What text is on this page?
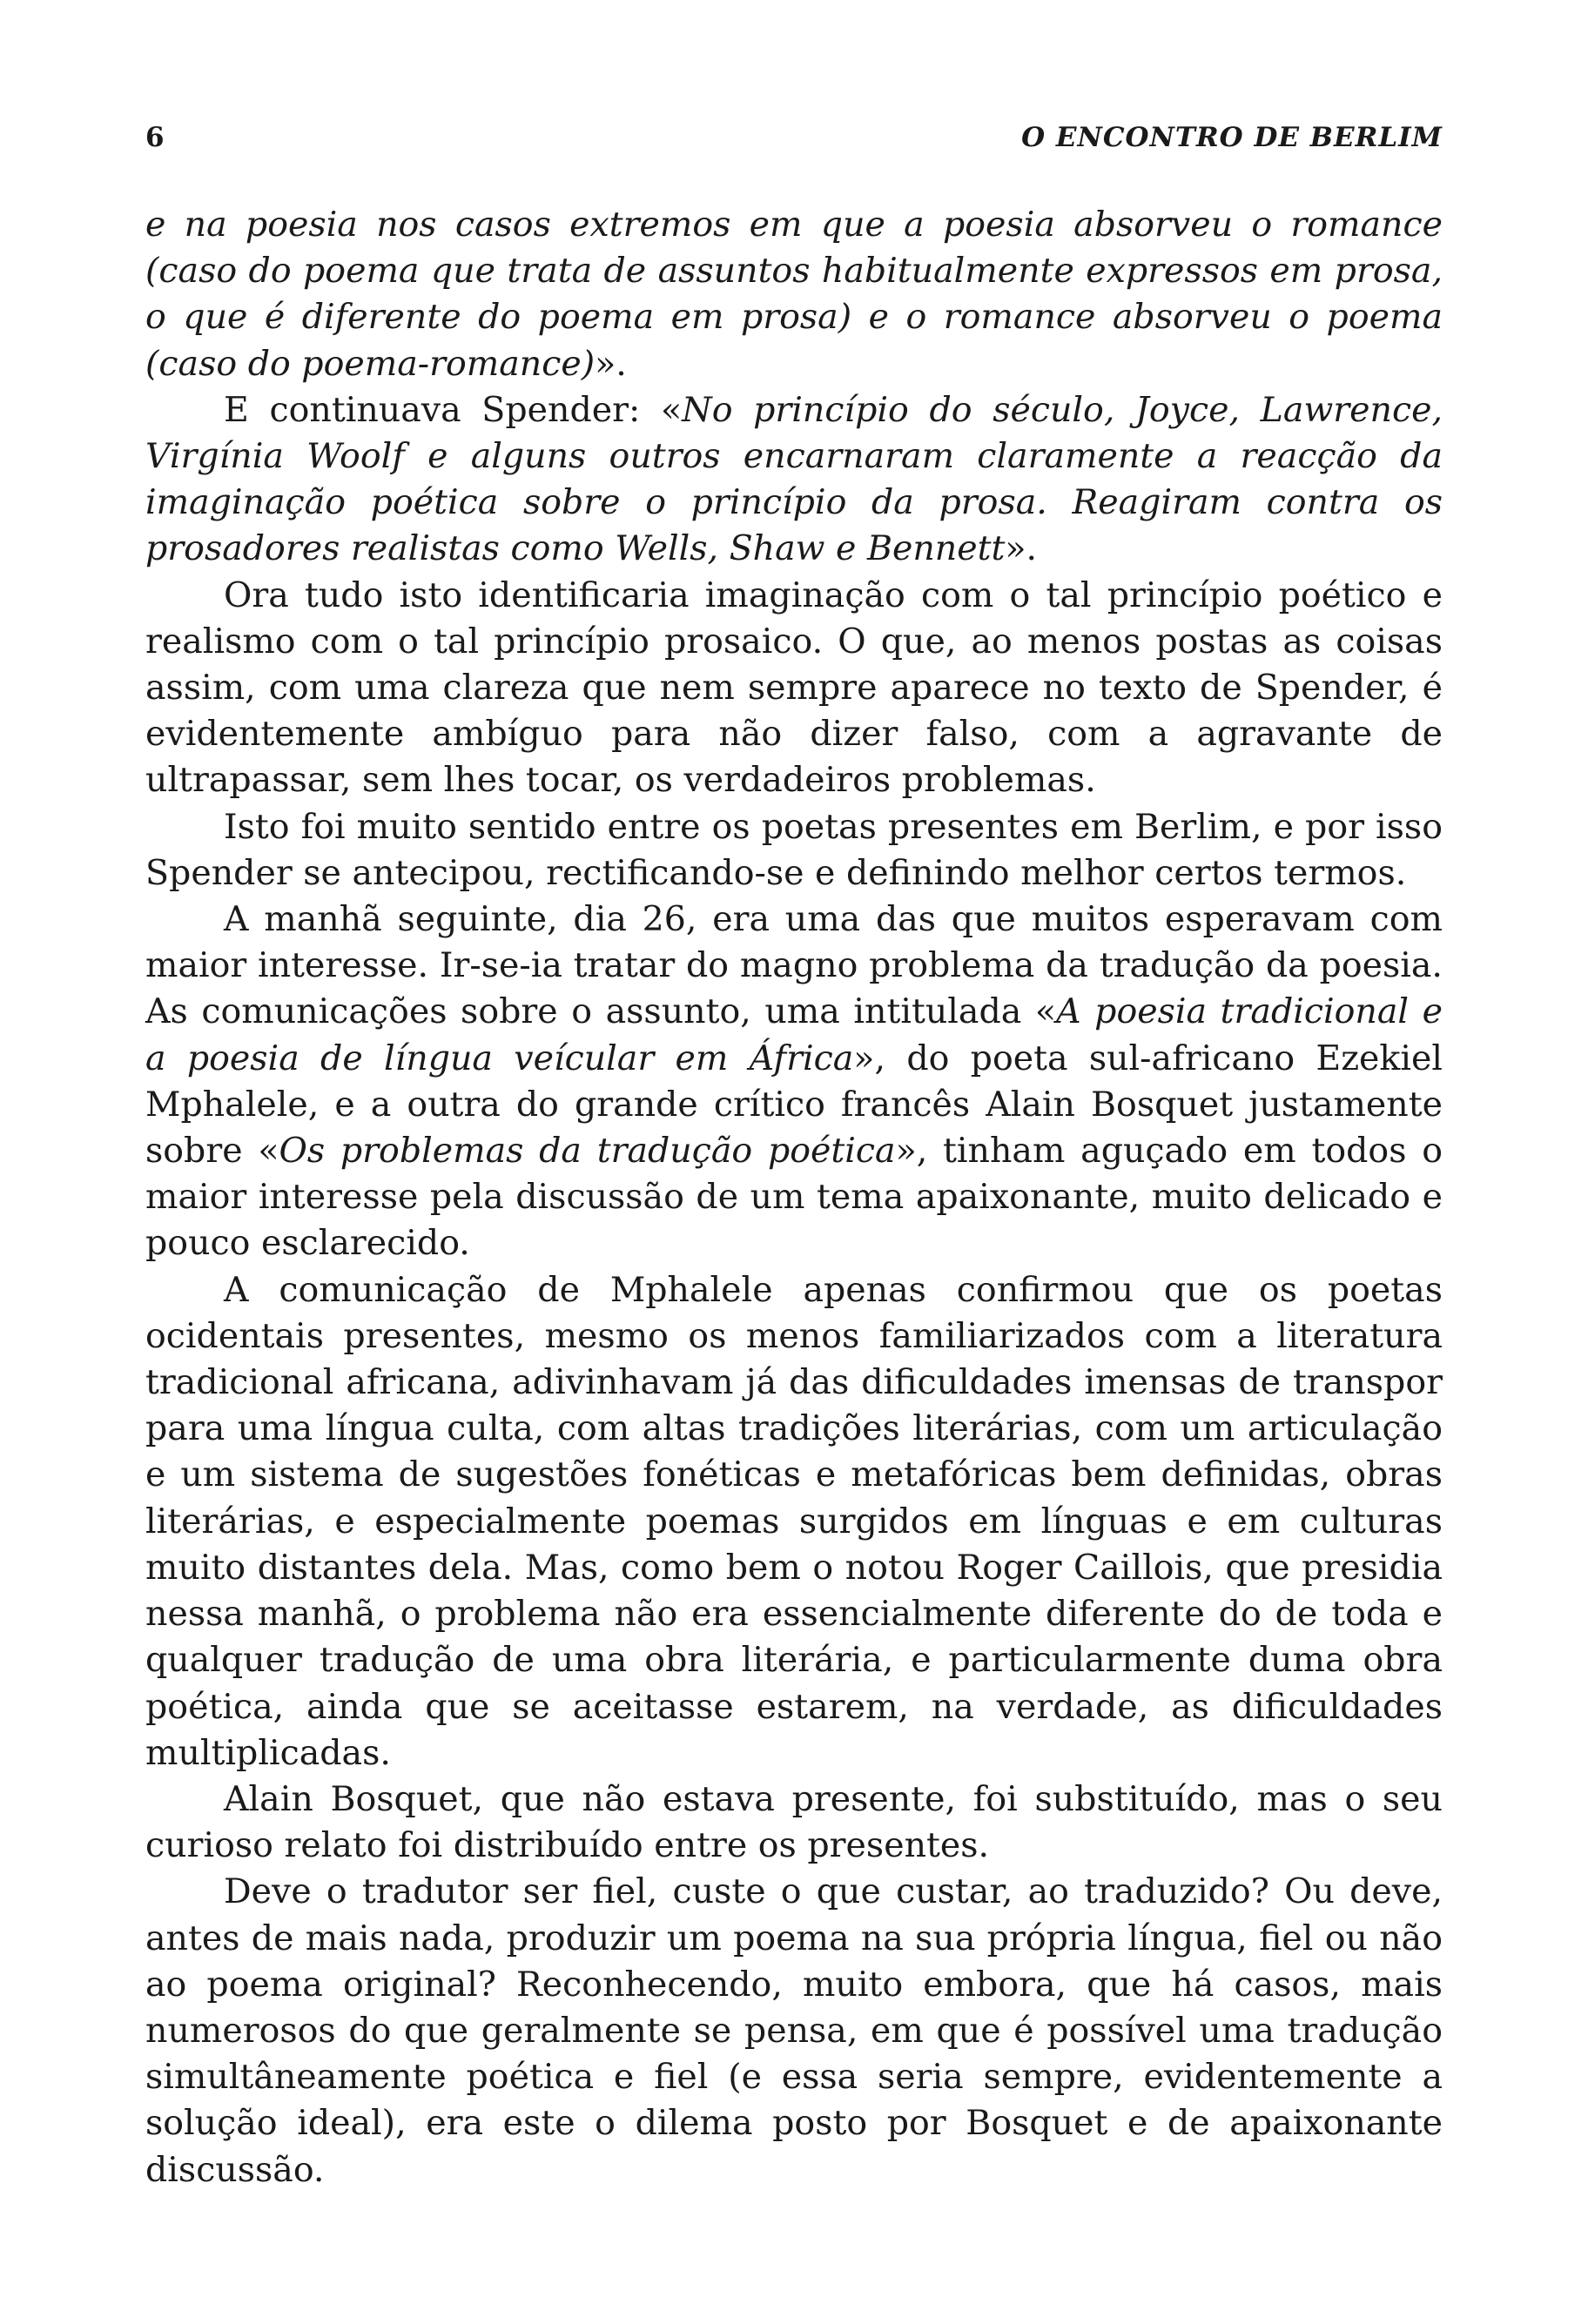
6	O ENCONTRO DE BERLIM

e na poesia nos casos extremos em que a poesia absorveu o romance (caso do poema que trata de assuntos habitualmente expressos em prosa, o que é diferente do poema em prosa) e o romance absorveu o poema (caso do poema-romance)».

E continuava Spender: «No princípio do século, Joyce, Lawrence, Virgínia Woolf e alguns outros encarnaram claramente a reacção da imaginação poética sobre o princípio da prosa. Reagiram contra os prosadores realistas como Wells, Shaw e Bennett».

Ora tudo isto identificaria imaginação com o tal princípio poético e realismo com o tal princípio prosaico. O que, ao menos postas as coisas assim, com uma clareza que nem sempre aparece no texto de Spender, é evidentemente ambíguo para não dizer falso, com a agravante de ultrapassar, sem lhes tocar, os verdadeiros problemas.

Isto foi muito sentido entre os poetas presentes em Berlim, e por isso Spender se antecipou, rectificando-se e definindo melhor certos termos.

A manhã seguinte, dia 26, era uma das que muitos esperavam com maior interesse. Ir-se-ia tratar do magno problema da tradução da poesia. As comunicações sobre o assunto, uma intitulada «A poesia tradicional e a poesia de língua veícular em África», do poeta sul-africano Ezekiel Mphalele, e a outra do grande crítico francês Alain Bosquet justamente sobre «Os problemas da tradução poética», tinham aguçado em todos o maior interesse pela discussão de um tema apaixonante, muito delicado e pouco esclarecido.

A comunicação de Mphalele apenas confirmou que os poetas ocidentais presentes, mesmo os menos familiarizados com a literatura tradicional africana, adivinhavam já das dificuldades imensas de transpor para uma língua culta, com altas tradições literárias, com um articulação e um sistema de sugestões fonéticas e metafóricas bem definidas, obras literárias, e especialmente poemas surgidos em línguas e em culturas muito distantes dela. Mas, como bem o notou Roger Caillois, que presidia nessa manhã, o problema não era essencialmente diferente do de toda e qualquer tradução de uma obra literária, e particularmente duma obra poética, ainda que se aceitasse estarem, na verdade, as dificuldades multiplicadas.

Alain Bosquet, que não estava presente, foi substituído, mas o seu curioso relato foi distribuído entre os presentes.

Deve o tradutor ser fiel, custe o que custar, ao traduzido? Ou deve, antes de mais nada, produzir um poema na sua própria língua, fiel ou não ao poema original? Reconhecendo, muito embora, que há casos, mais numerosos do que geralmente se pensa, em que é possível uma tradução simultâneamente poética e fiel (e essa seria sempre, evidentemente a solução ideal), era este o dilema posto por Bosquet e de apaixonante discussão.
